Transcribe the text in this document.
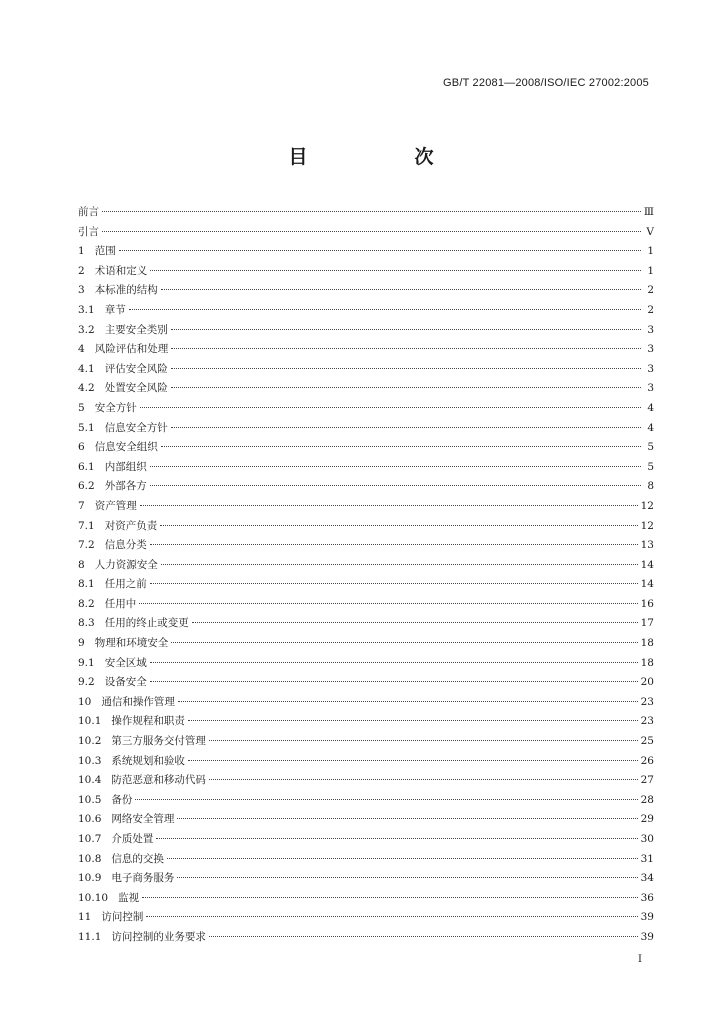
GB/T 22081—2008/ISO/IEC 27002:2005
目　次
前言	Ⅲ
引言	Ⅴ
1 范围	1
2 术语和定义	1
3 本标准的结构	2
3.1 章节	2
3.2 主要安全类别	3
4 风险评估和处理	3
4.1 评估安全风险	3
4.2 处置安全风险	3
5 安全方针	4
5.1 信息安全方针	4
6 信息安全组织	5
6.1 内部组织	5
6.2 外部各方	8
7 资产管理	12
7.1 对资产负责	12
7.2 信息分类	13
8 人力资源安全	14
8.1 任用之前	14
8.2 任用中	16
8.3 任用的终止或变更	17
9 物理和环境安全	18
9.1 安全区域	18
9.2 设备安全	20
10 通信和操作管理	23
10.1 操作规程和职责	23
10.2 第三方服务交付管理	25
10.3 系统规划和验收	26
10.4 防范恶意和移动代码	27
10.5 备份	28
10.6 网络安全管理	29
10.7 介质处置	30
10.8 信息的交换	31
10.9 电子商务服务	34
10.10 监视	36
11 访问控制	39
11.1 访问控制的业务要求	39
Ⅰ
